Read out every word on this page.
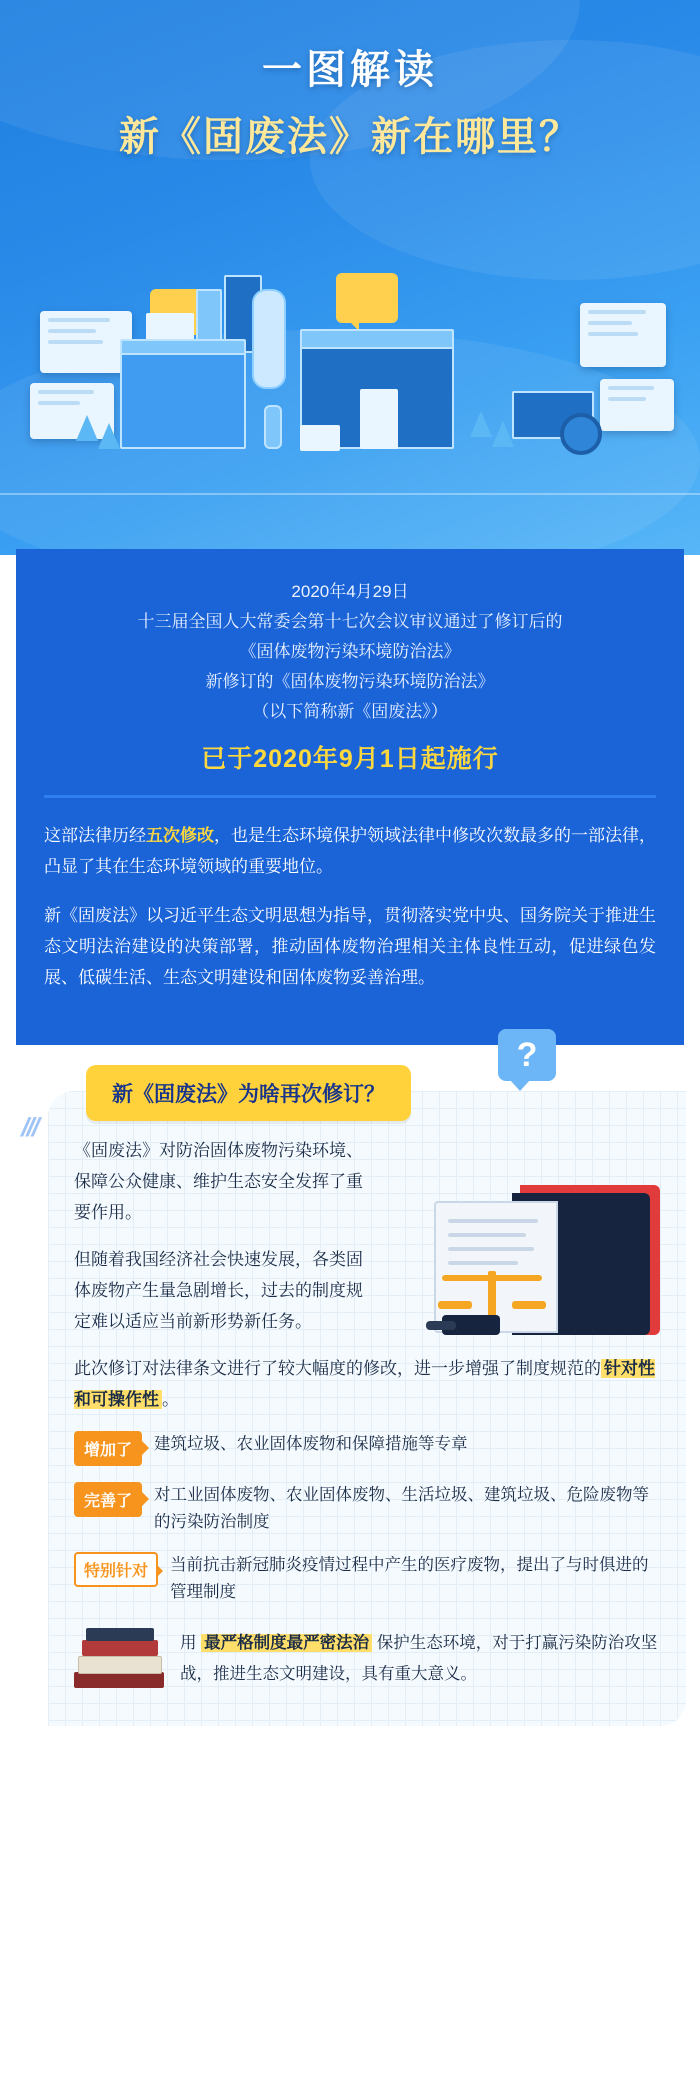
一图解读
新《固废法》新在哪里？
2020年4月29日
十三届全国人大常委会第十七次会议审议通过了修订后的
《固体废物污染环境防治法》
新修订的《固体废物污染环境防治法》
（以下简称新《固废法》）
已于2020年9月1日起施行

这部法律历经五次修改，也是生态环境保护领域法律中修改次数最多的一部法律，凸显了其在生态环境领域的重要地位。

新《固废法》以习近平生态文明思想为指导，贯彻落实党中央、国务院关于推进生态文明法治建设的决策部署，推动固体废物治理相关主体良性互动，促进绿色发展、低碳生活、生态文明建设和固体废物妥善治理。

///
新《固废法》为啥再次修订？
?

《固废法》对防治固体废物污染环境、保障公众健康、维护生态安全发挥了重要作用。

但随着我国经济社会快速发展，各类固体废物产生量急剧增长，过去的制度规定难以适应当前新形势新任务。

此次修订对法律条文进行了较大幅度的修改，进一步增强了制度规范的 针对性和可操作性 。

增加了	建筑垃圾、农业固体废物和保障措施等专章
完善了	对工业固体废物、农业固体废物、生活垃圾、建筑垃圾、危险废物等的污染防治制度
特别针对	当前抗击新冠肺炎疫情过程中产生的医疗废物，提出了与时俱进的管理制度
用 最严格制度最严密法治 保护生态环境，对于打赢污染防治攻坚战，推进生态文明建设，具有重大意义。
